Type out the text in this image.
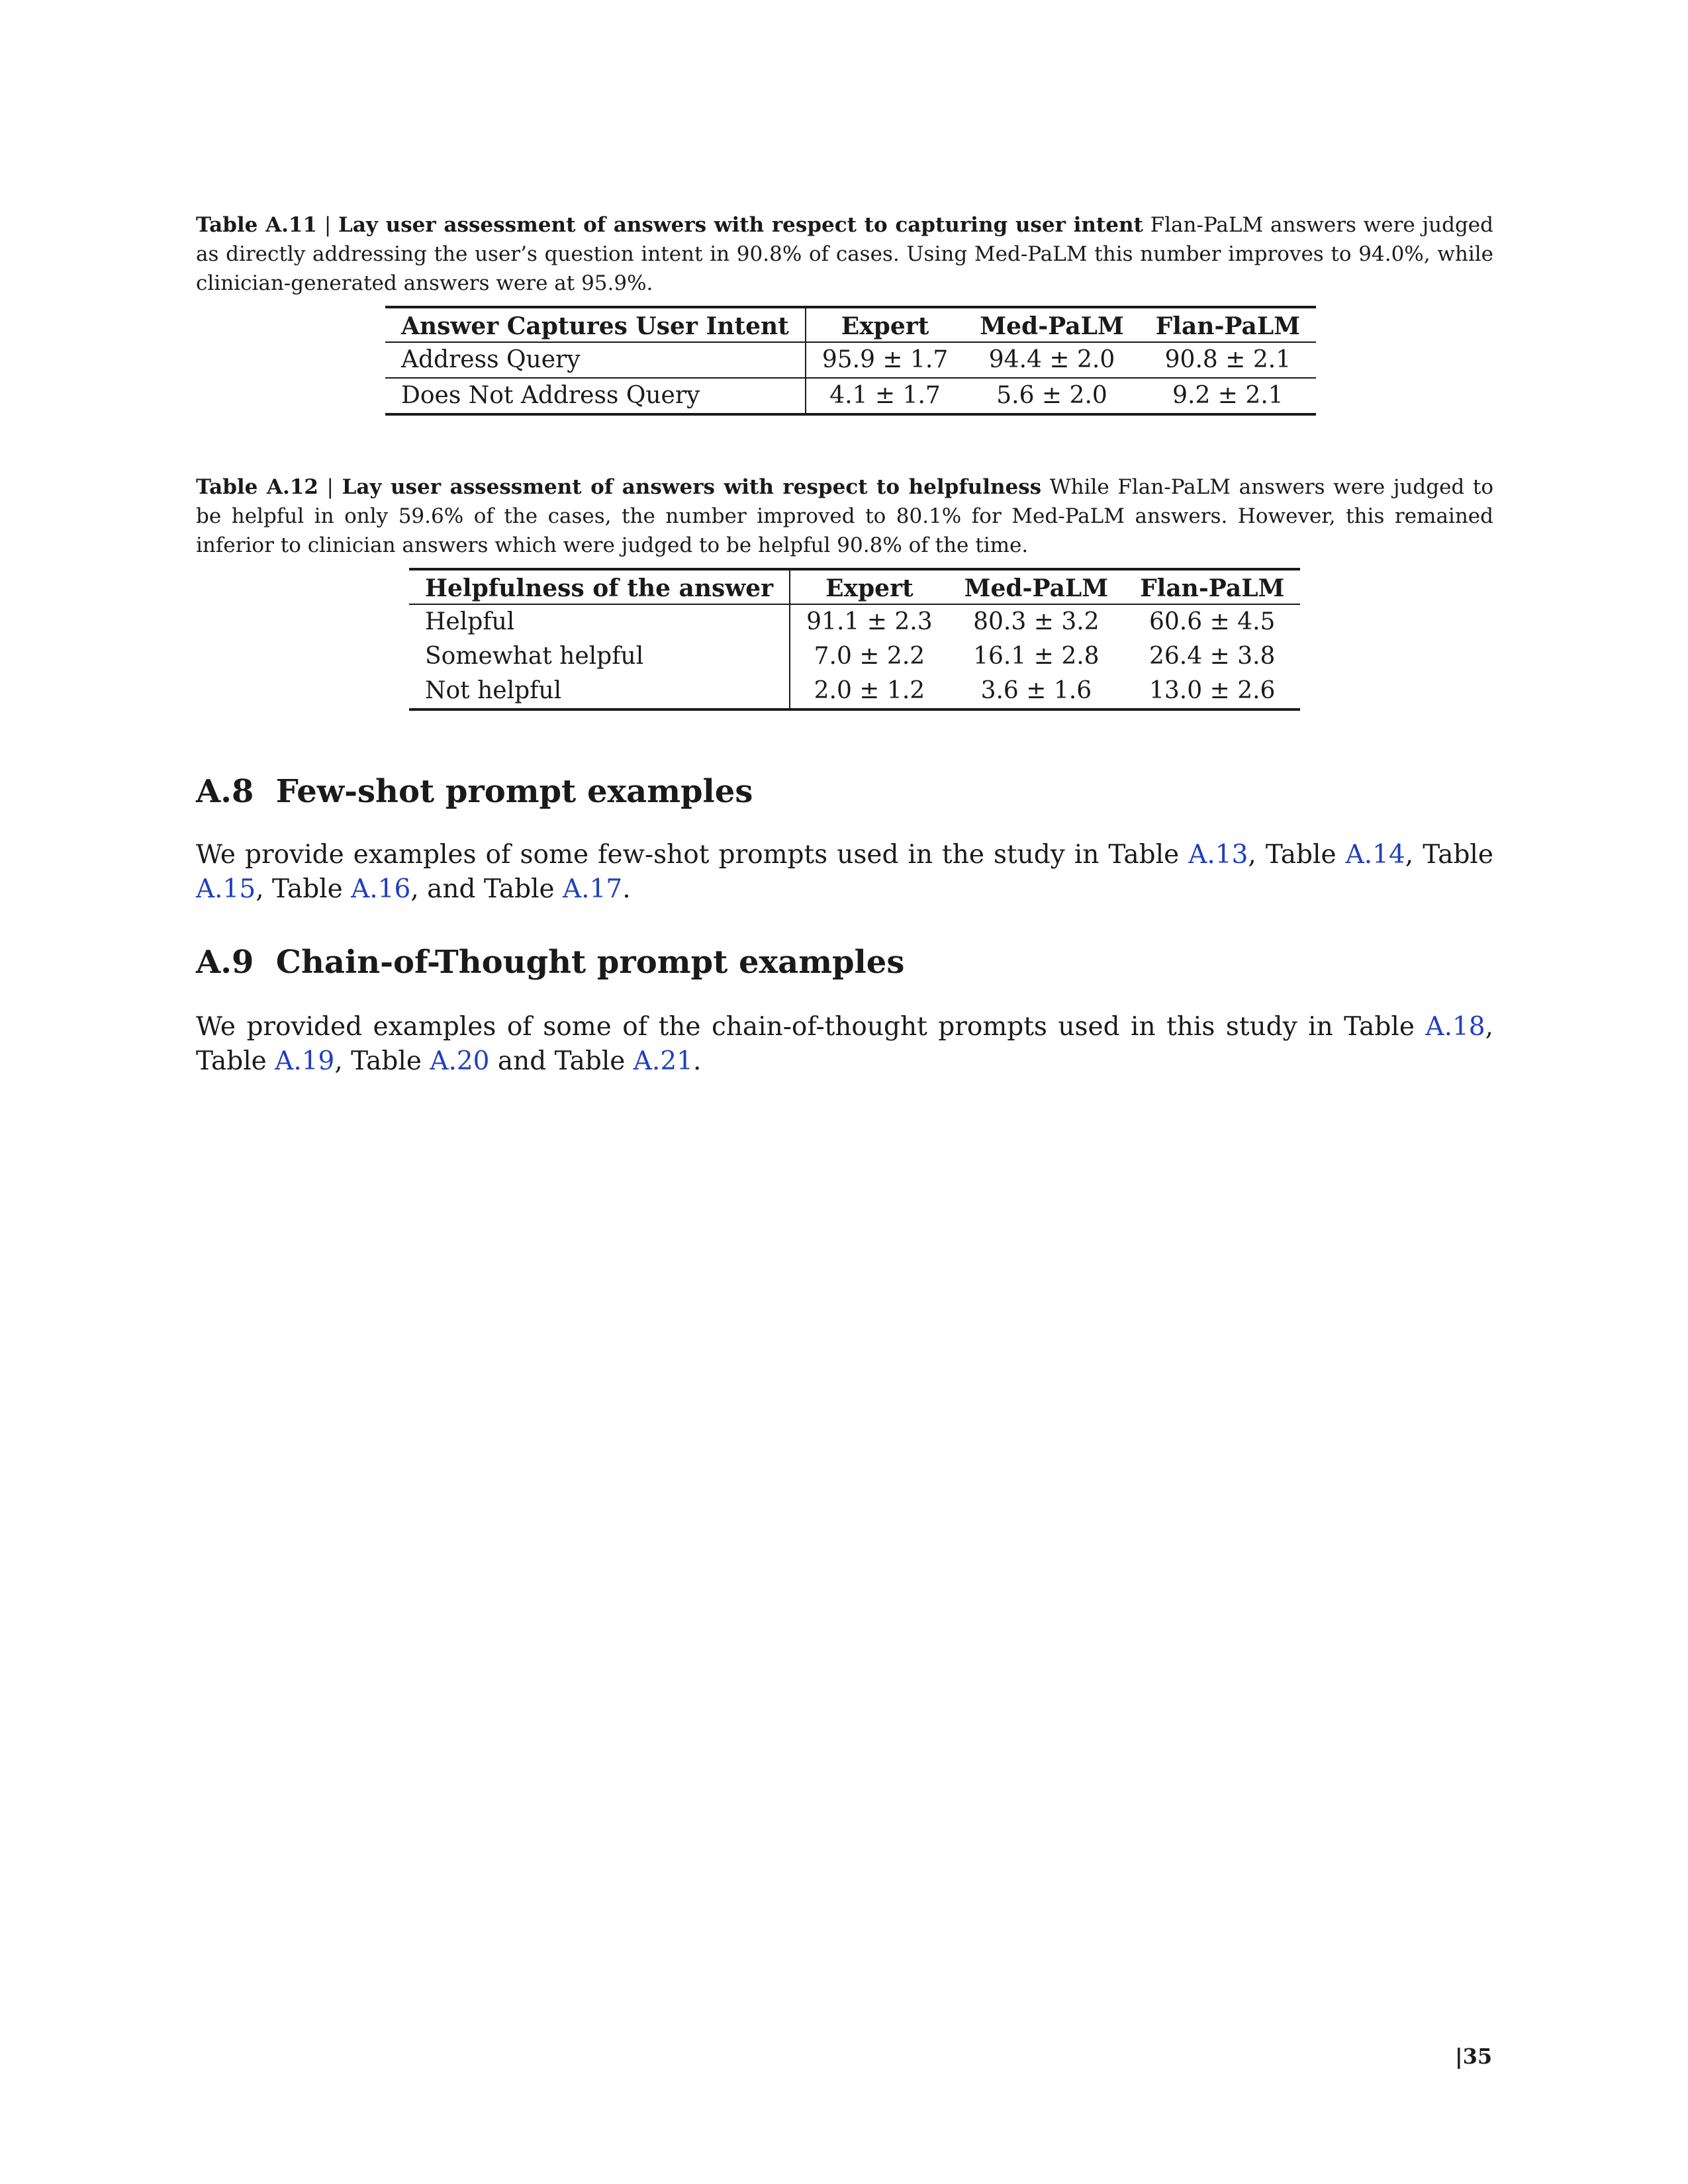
Table A.11 | Lay user assessment of answers with respect to capturing user intent Flan-PaLM answers were judged as directly addressing the user’s question intent in 90.8% of cases. Using Med-PaLM this number improves to 94.0%, while clinician-generated answers were at 95.9%.
Answer Captures User Intent	Expert	Med-PaLM	Flan-PaLM
Address Query	95.9 ± 1.7	94.4 ± 2.0	90.8 ± 2.1
Does Not Address Query	4.1 ± 1.7	5.6 ± 2.0	9.2 ± 2.1
Table A.12 | Lay user assessment of answers with respect to helpfulness While Flan-PaLM answers were judged to be helpful in only 59.6% of the cases, the number improved to 80.1% for Med-PaLM answers. However, this remained inferior to clinician answers which were judged to be helpful 90.8% of the time.
Helpfulness of the answer	Expert	Med-PaLM	Flan-PaLM
Helpful	91.1 ± 2.3	80.3 ± 3.2	60.6 ± 4.5
Somewhat helpful	7.0 ± 2.2	16.1 ± 2.8	26.4 ± 3.8
Not helpful	2.0 ± 1.2	3.6 ± 1.6	13.0 ± 2.6
A.8 Few-shot prompt examples
We provide examples of some few-shot prompts used in the study in Table A.13, Table A.14, Table A.15, Table A.16, and Table A.17.
A.9 Chain-of-Thought prompt examples
We provided examples of some of the chain-of-thought prompts used in this study in Table A.18, Table A.19, Table A.20 and Table A.21.
|35
